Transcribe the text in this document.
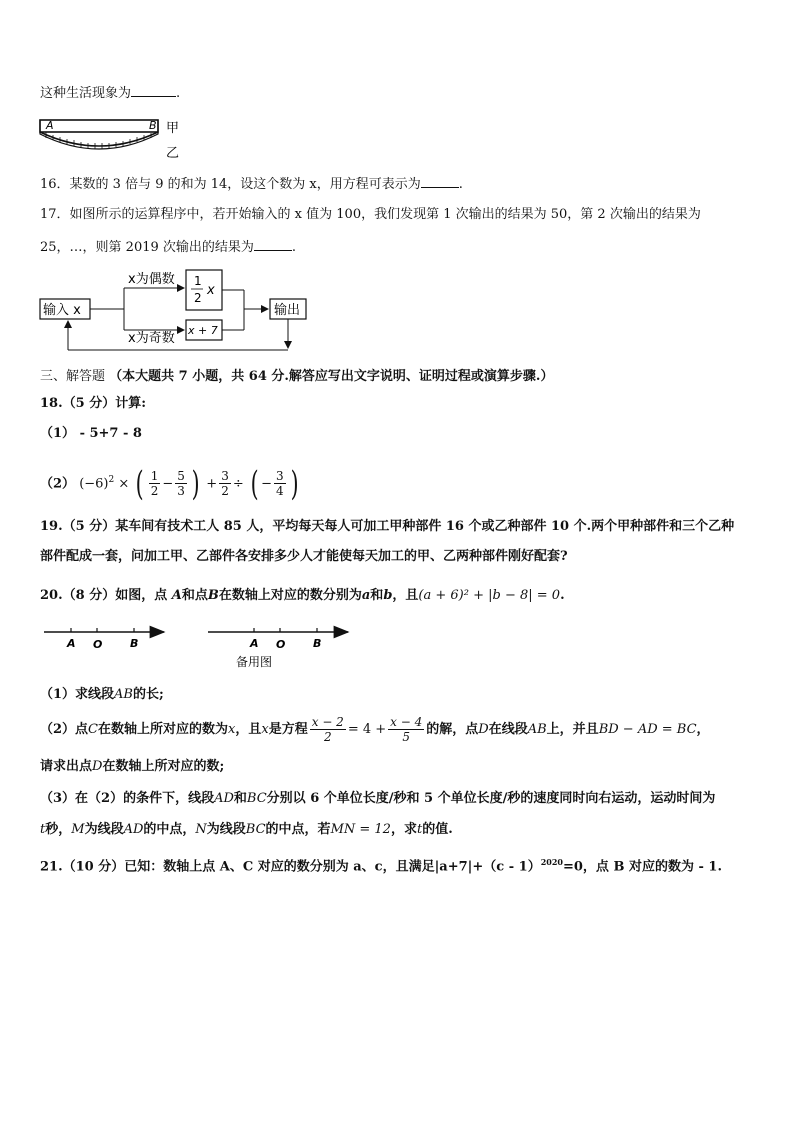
这种生活现象为	.
A	B 甲
乙
16．某数的 3 倍与 9 的和为 14，设这个数为 x，用方程可表示为	.
17．如图所示的运算程序中，若开始输入的 x 值为 100，我们发现第 1 次输出的结果为 50，第 2 次输出的结果为
25，…，则第 2019 次输出的结果为	.
输入 x
x为偶数
x为奇数
1
2 x
x + 7
输出
三、解答题 （本大题共 7 小题，共 64 分.解答应写出文字说明、证明过程或演算步骤.）
18.（5 分）计算:
（1） - 5+7 - 8
（2） $(-6)^2$ × ( $\frac{1}{2} - \frac{5}{3}$ ) + $\frac{3}{2}$ ÷ ( − $\frac{3}{4}$ )
19.（5 分）某车间有技术工人 85 人，平均每天每人可加工甲种部件 16 个或乙种部件 10 个.两个甲种部件和三个乙种
部件配成一套，问加工甲、乙部件各安排多少人才能使每天加工的甲、乙两种部件刚好配套?
20.（8 分）如图，点 A和点B在数轴上对应的数分别为a和b，且(a + 6)² + |b − 8| = 0.
A O	B	A O	B
备用图
（1）求线段AB的长;
（2）点C在数轴上所对应的数为x，且x是方程 $\frac{x - 2}{2} = 4 + \frac{x - 4}{5}$ 的解，点D在线段AB上，并且BD − AD = BC，
请求出点D在数轴上所对应的数;
（3）在（2）的条件下，线段AD和BC分别以 6 个单位长度/秒和 5 个单位长度/秒的速度同时向右运动，运动时间为
t秒，M为线段AD的中点，N为线段BC的中点，若MN = 12，求t的值.
21.（10 分）已知：数轴上点 A、C 对应的数分别为 a、c，且满足|a+7|+（c - 1）$^{2020}$=0，点 B 对应的数为 - 1.
